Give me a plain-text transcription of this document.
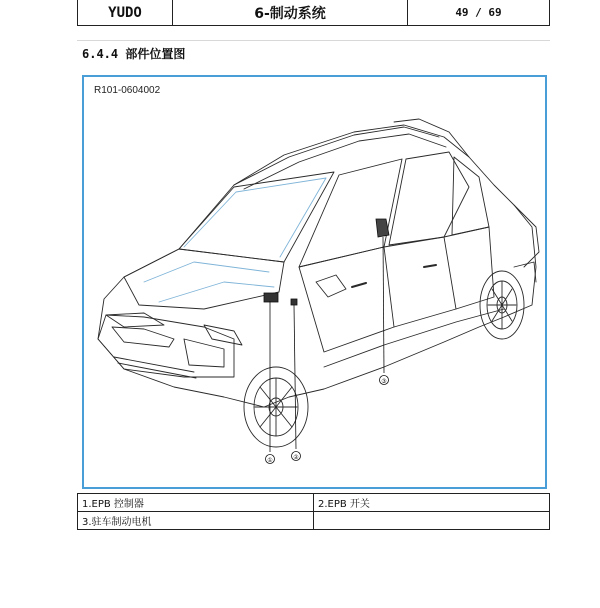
YUDO	6-制动系统	49 / 69
6.4.4 部件位置图
R101-0604002
①	②
③
1.EPB 控制器	2.EPB 开关
3.驻车制动电机	
